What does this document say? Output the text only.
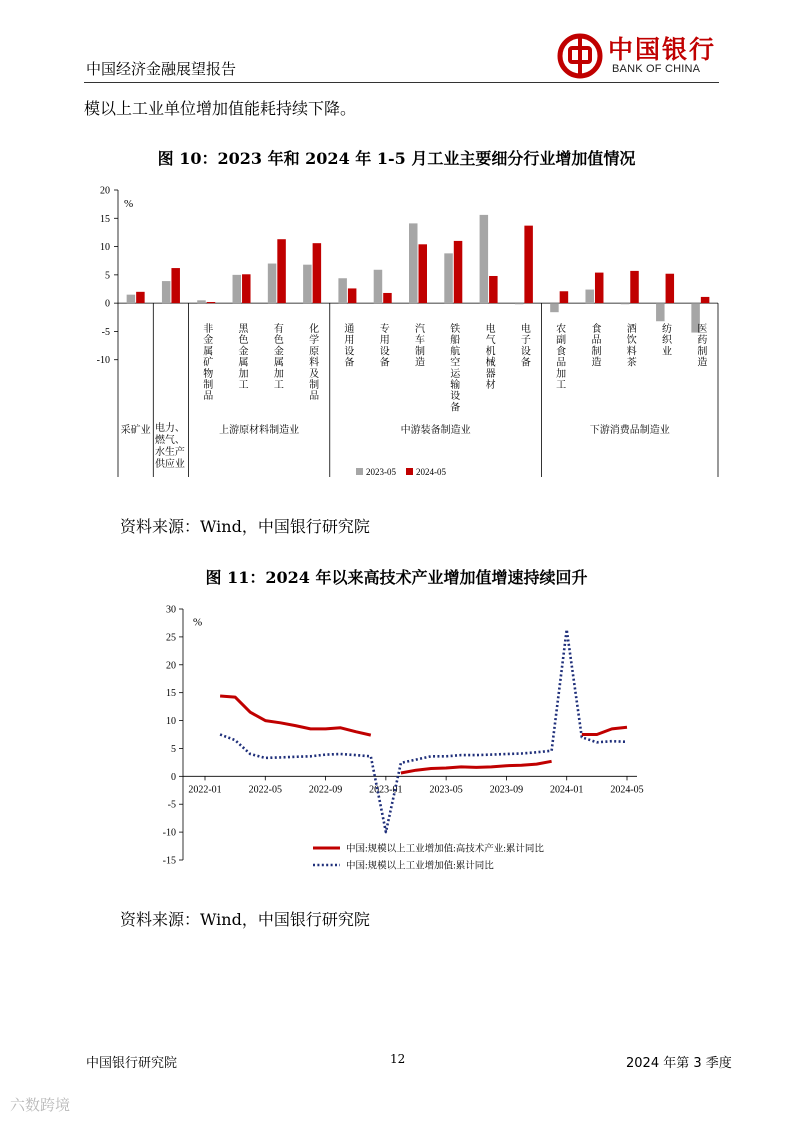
中国经济金融展望报告
中国银行
BANK OF CHINA
模以上工业单位增加值能耗持续下降。
图 10：2023 年和 2024 年 1-5 月工业主要细分行业增加值情况
-10
-5
0
5
10
15
20
%
非金属矿物制品
黑色金属加工
有色金属加工
化学原料及制品
通用设备
专用设备
汽车制造
铁船航空运输设备
电气机械器材
电子设备
农副食品加工
食品制造
酒饮料茶
纺织业
医药制造
采矿业 电力、燃气、水生产供应业
上游原材料制造业	中游装备制造业	下游消费品制造业
2023-05 2024-05
资料来源：Wind，中国银行研究院
图 11：2024 年以来高技术产业增加值增速持续回升
-15
-10
-5
0
5
10
15
20
25
30
%
2022-01	2022-05	2022-09	2023-01	2023-05	2023-09	2024-01	2024-05
中国:规模以上工业增加值:高技术产业:累计同比
中国:规模以上工业增加值:累计同比
资料来源：Wind，中国银行研究院
中国银行研究院	12	2024 年第 3 季度
六数跨境
